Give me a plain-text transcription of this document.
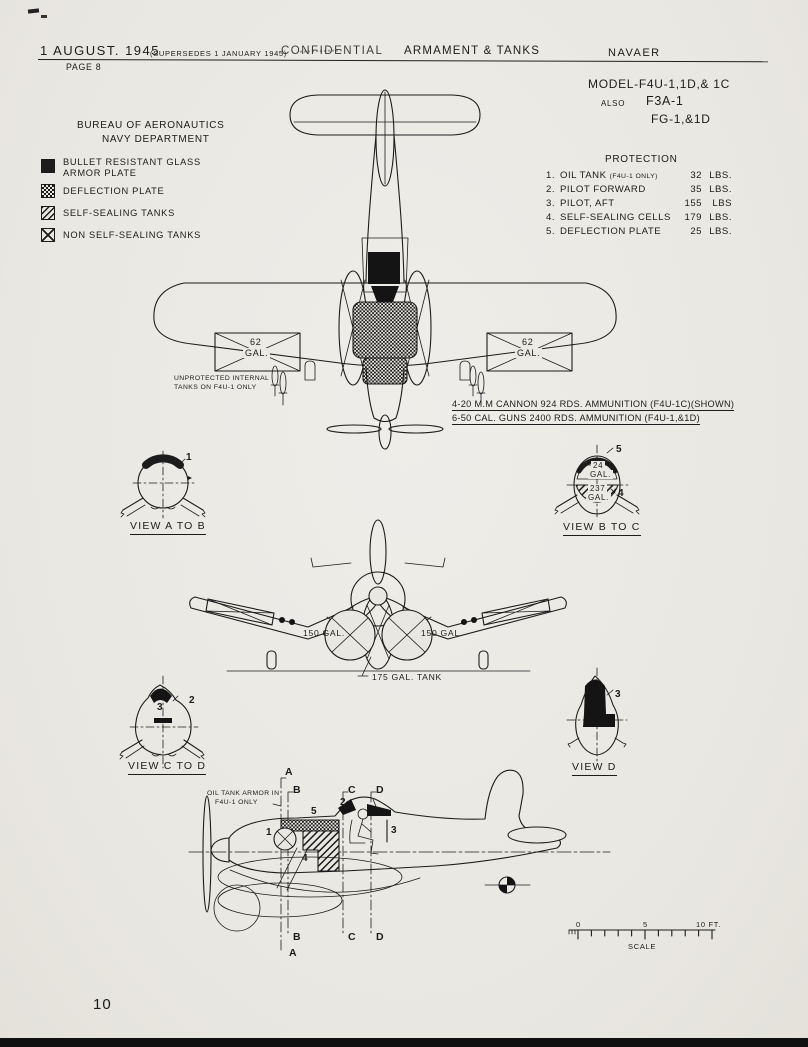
1 AUGUST. 1945
(SUPERSEDES 1 JANUARY 1945)
CONFIDENTIAL ARMAMENT & TANKS	NAVAER
PAGE 8
MODEL-F4U-1,1D,& 1C
ALSO F3A-1
FG-1,&1D
BUREAU OF AERONAUTICS
NAVY DEPARTMENT
BULLET RESISTANT GLASS
ARMOR PLATE
DEFLECTION PLATE
SELF-SEALING TANKS
NON SELF-SEALING TANKS
PROTECTION
1. OIL TANK (F4U-1 ONLY)	32 LBS.
2. PILOT FORWARD	35 LBS.
3. PILOT, AFT	155	LBS
4. SELF-SEALING CELLS	179 LBS.
5. DEFLECTION PLATE	25 LBS.
62
GAL.
62
GAL.
UNPROTECTED INTERNAL
TANKS ON F4U-1 ONLY
4-20 M.M CANNON 924 RDS. AMMUNITION (F4U-1C)(SHOWN)
6-50 CAL. GUNS 2400 RDS. AMMUNITION (F4U-1,&1D)
1
VIEW A TO B
5
24
GAL.
237
GAL. 4
VIEW B TO C
150 GAL.	150 GAL.
175 GAL. TANK
2
3
VIEW C TO D
3
VIEW D
OIL TANK ARMOR IN
F4U-1 ONLY
A
B	C D
5
2
1	3
4
B	C D
A
0	5	10 FT.
SCALE
10
